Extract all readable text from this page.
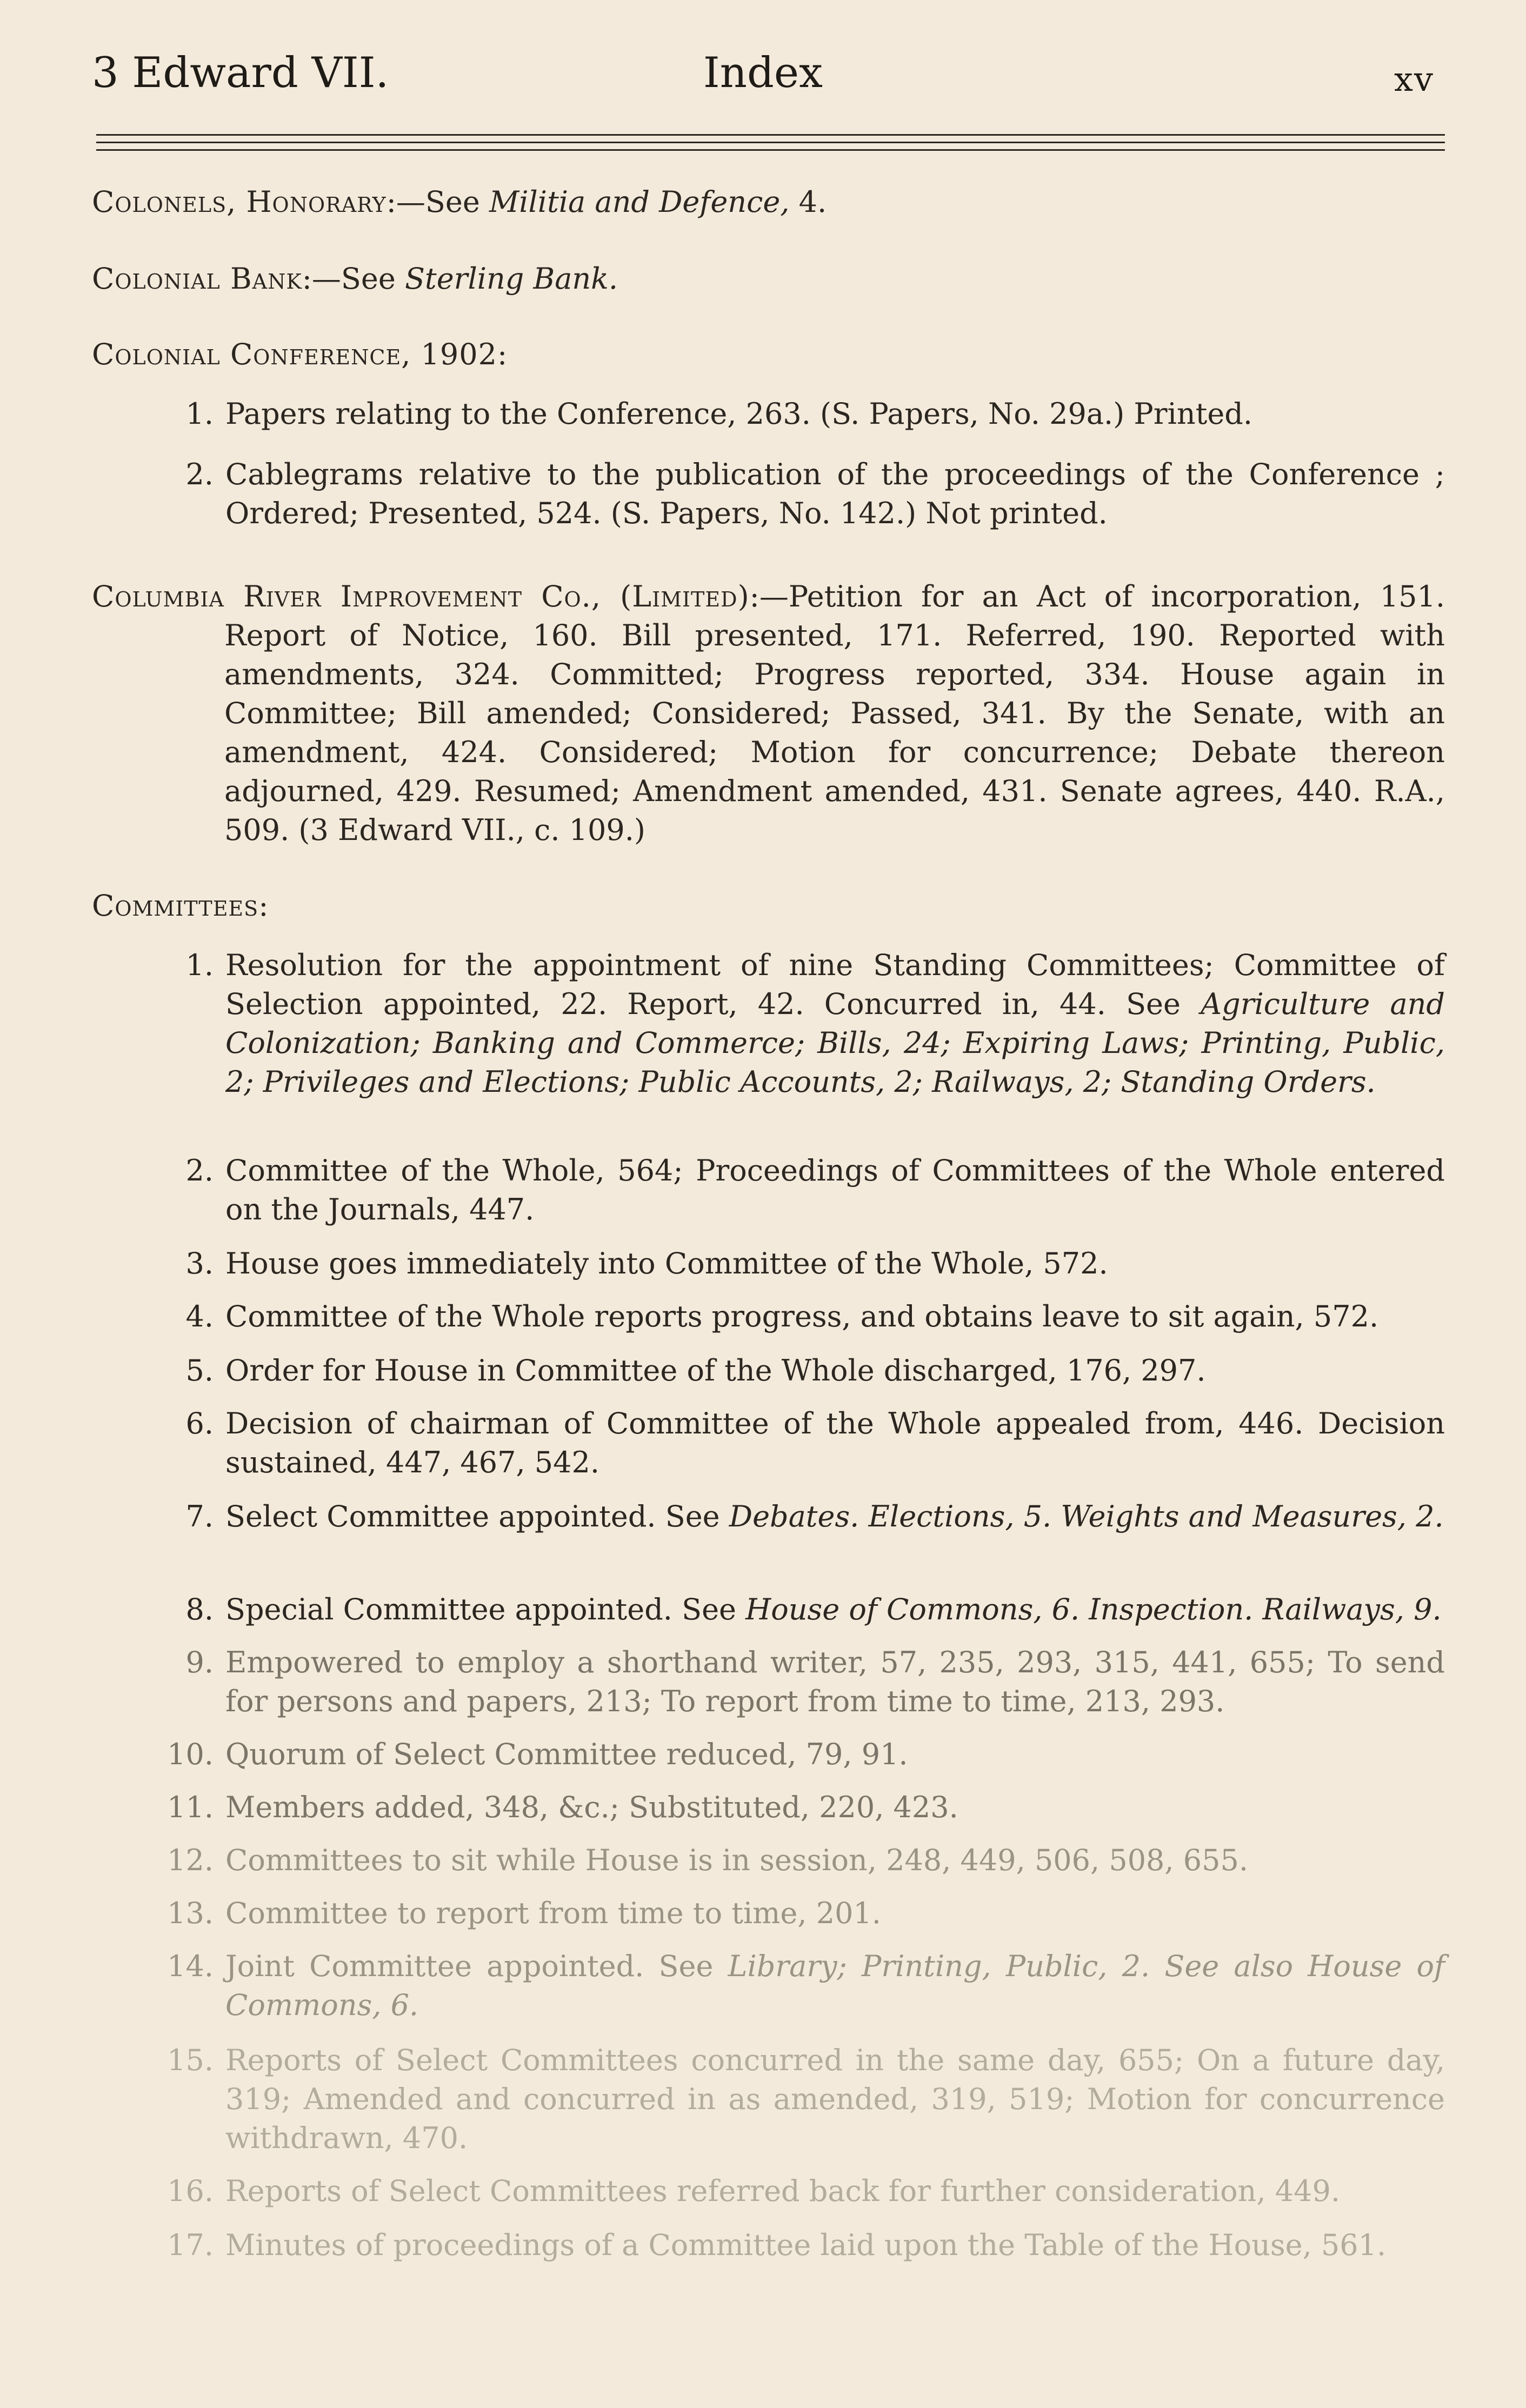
3 Edward VII.	Index	xv
Colonels, Honorary:—See Militia and Defence, 4.
Colonial Bank:—See Sterling Bank.
Colonial Conference, 1902:
1. Papers relating to the Conference, 263. (S. Papers, No. 29a.) Printed.
2. Cablegrams relative to the publication of the proceedings of the Conference ; Ordered; Presented, 524. (S. Papers, No. 142.) Not printed.
Columbia River Improvement Co., (Limited):—Petition for an Act of incorporation, 151. Report of Notice, 160. Bill presented, 171. Referred, 190. Reported with amendments, 324. Committed; Progress reported, 334. House again in Committee; Bill amended; Considered; Passed, 341. By the Senate, with an amendment, 424. Considered; Motion for concurrence; Debate thereon adjourned, 429. Resumed; Amendment amended, 431. Senate agrees, 440. R.A., 509. (3 Edward VII., c. 109.)
Committees:
1. Resolution for the appointment of nine Standing Committees; Committee of Selection appointed, 22. Report, 42. Concurred in, 44. See Agriculture and Colonization; Banking and Commerce; Bills, 24; Expiring Laws; Printing, Public, 2; Privileges and Elections; Public Accounts, 2; Railways, 2; Standing Orders.
2. Committee of the Whole, 564; Proceedings of Committees of the Whole entered on the Journals, 447.
3. House goes immediately into Committee of the Whole, 572.
4. Committee of the Whole reports progress, and obtains leave to sit again, 572.
5. Order for House in Committee of the Whole discharged, 176, 297.
6. Decision of chairman of Committee of the Whole appealed from, 446. Decision sustained, 447, 467, 542.
7. Select Committee appointed. See Debates. Elections, 5. Weights and Measures, 2.
8. Special Committee appointed. See House of Commons, 6. Inspection. Railways, 9.
9. Empowered to employ a shorthand writer, 57, 235, 293, 315, 441, 655; To send for persons and papers, 213; To report from time to time, 213, 293.
10. Quorum of Select Committee reduced, 79, 91.
11. Members added, 348, &c.; Substituted, 220, 423.
12. Committees to sit while House is in session, 248, 449, 506, 508, 655.
13. Committee to report from time to time, 201.
14. Joint Committee appointed. See Library; Printing, Public, 2. See also House of Commons, 6.
15. Reports of Select Committees concurred in the same day, 655; On a future day, 319; Amended and concurred in as amended, 319, 519; Motion for concurrence withdrawn, 470.
16. Reports of Select Committees referred back for further consideration, 449.
17. Minutes of proceedings of a Committee laid upon the Table of the House, 561.
